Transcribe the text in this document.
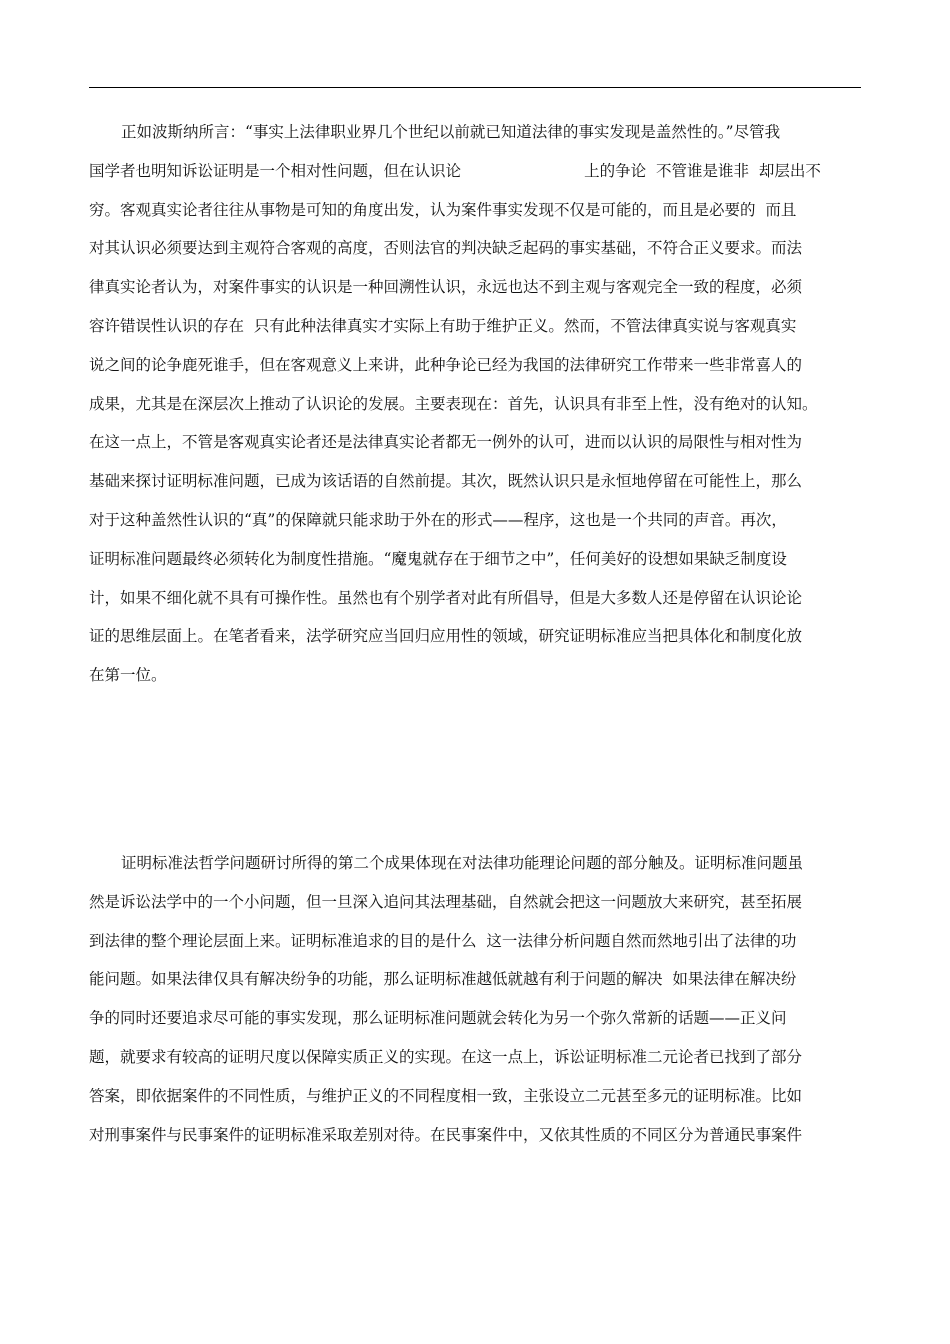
正如波斯纳所言：“事实上法律职业界几个世纪以前就已知道法律的事实发现是盖然性的。”尽管我
国学者也明知诉讼证明是一个相对性问题，但在认识论                         上的争论  不管谁是谁非  却层出不
穷。客观真实论者往往从事物是可知的角度出发，认为案件事实发现不仅是可能的，而且是必要的  而且
对其认识必须要达到主观符合客观的高度，否则法官的判决缺乏起码的事实基础，不符合正义要求。而法
律真实论者认为，对案件事实的认识是一种回溯性认识，永远也达不到主观与客观完全一致的程度，必须
容许错误性认识的存在  只有此种法律真实才实际上有助于维护正义。然而，不管法律真实说与客观真实
说之间的论争鹿死谁手，但在客观意义上来讲，此种争论已经为我国的法律研究工作带来一些非常喜人的
成果，尤其是在深层次上推动了认识论的发展。主要表现在：首先，认识具有非至上性，没有绝对的认知。
在这一点上，不管是客观真实论者还是法律真实论者都无一例外的认可，进而以认识的局限性与相对性为
基础来探讨证明标准问题，已成为该话语的自然前提。其次，既然认识只是永恒地停留在可能性上，那么
对于这种盖然性认识的“真”的保障就只能求助于外在的形式——程序，这也是一个共同的声音。再次，
证明标准问题最终必须转化为制度性措施。“魔鬼就存在于细节之中”，任何美好的设想如果缺乏制度设
计，如果不细化就不具有可操作性。虽然也有个别学者对此有所倡导，但是大多数人还是停留在认识论论
证的思维层面上。在笔者看来，法学研究应当回归应用性的领域，研究证明标准应当把具体化和制度化放
在第一位。
证明标准法哲学问题研讨所得的第二个成果体现在对法律功能理论问题的部分触及。证明标准问题虽
然是诉讼法学中的一个小问题，但一旦深入追问其法理基础，自然就会把这一问题放大来研究，甚至拓展
到法律的整个理论层面上来。证明标准追求的目的是什么  这一法律分析问题自然而然地引出了法律的功
能问题。如果法律仅具有解决纷争的功能，那么证明标准越低就越有利于问题的解决  如果法律在解决纷
争的同时还要追求尽可能的事实发现，那么证明标准问题就会转化为另一个弥久常新的话题——正义问
题，就要求有较高的证明尺度以保障实质正义的实现。在这一点上，诉讼证明标准二元论者已找到了部分
答案，即依据案件的不同性质，与维护正义的不同程度相一致，主张设立二元甚至多元的证明标准。比如
对刑事案件与民事案件的证明标准采取差别对待。在民事案件中，又依其性质的不同区分为普通民事案件
